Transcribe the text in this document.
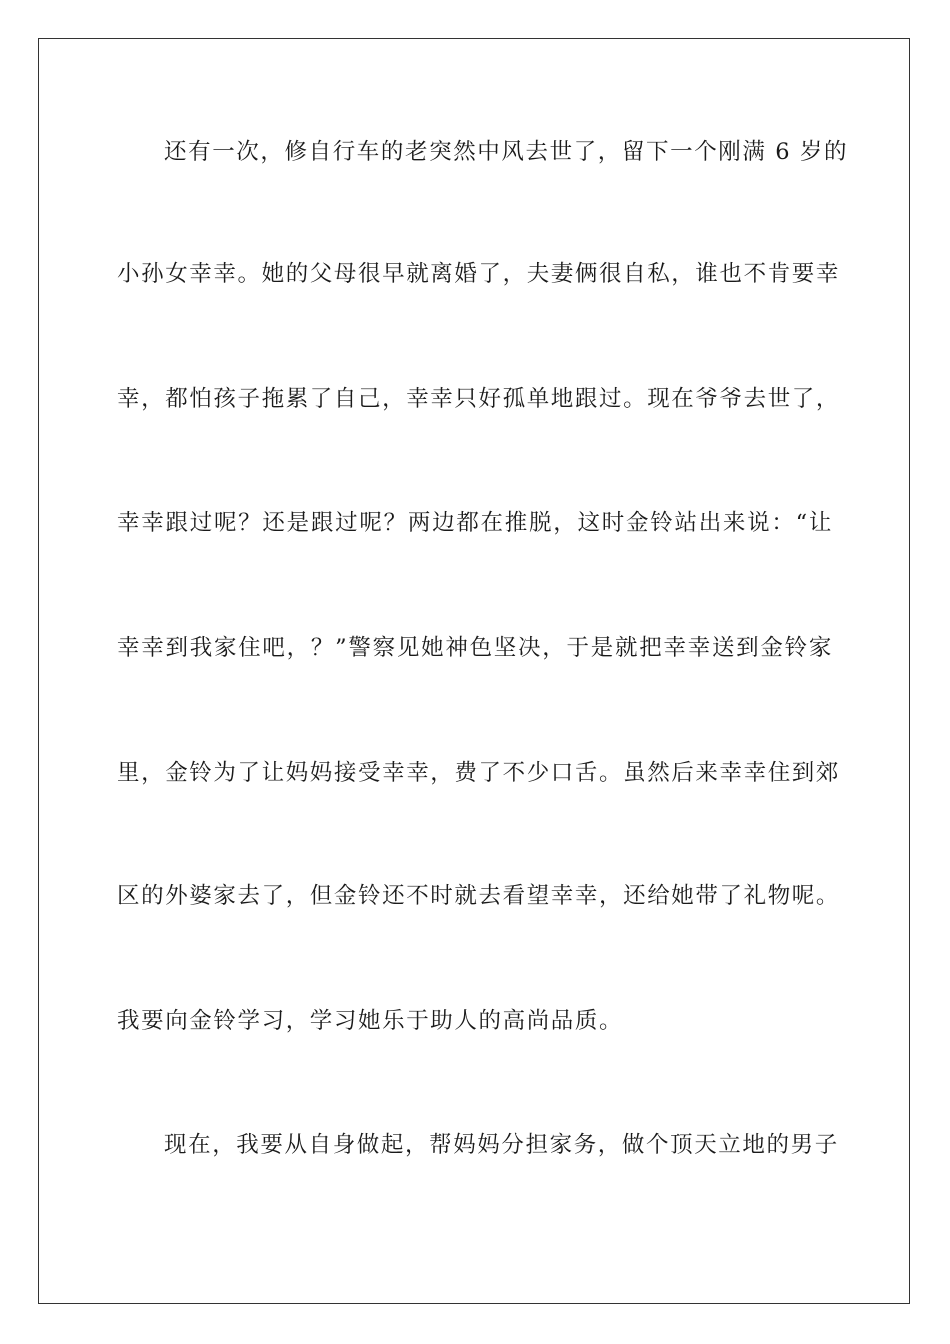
还有一次，修自行车的老突然中风去世了，留下一个刚满 6 岁的
小孙女幸幸。她的父母很早就离婚了，夫妻俩很自私，谁也不肯要幸
幸，都怕孩子拖累了自己，幸幸只好孤单地跟过。现在爷爷去世了，
幸幸跟过呢？还是跟过呢？两边都在推脱，这时金铃站出来说：“让
幸幸到我家住吧，？”警察见她神色坚决，于是就把幸幸送到金铃家
里，金铃为了让妈妈接受幸幸，费了不少口舌。虽然后来幸幸住到郊
区的外婆家去了，但金铃还不时就去看望幸幸，还给她带了礼物呢。
我要向金铃学习，学习她乐于助人的高尚品质。
现在，我要从自身做起，帮妈妈分担家务，做个顶天立地的男子
